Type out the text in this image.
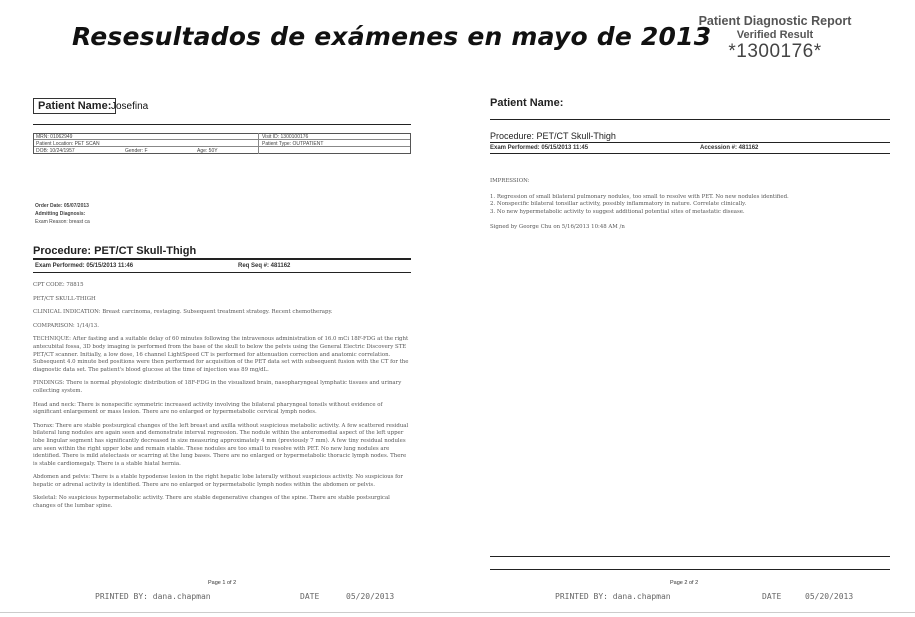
Resesultados de exámenes en mayo de 2013
Patient Diagnostic Report
Verified Result
*1300176*
Patient Name: Josefina
MRN: 01062949	Visit ID: 1300100176
Patient Location: PET SCAN	Patient Type: OUTPATIENT
DOB: 10/24/1957	Gender: F	Age: 50Y
Order Date: 05/07/2013
Admitting Diagnosis:
Exam Reason: breast ca
Procedure: PET/CT Skull-Thigh
Exam Performed: 05/15/2013 11:46	Req Seq #: 481162

CPT CODE: 78815

PET/CT SKULL-THIGH

CLINICAL INDICATION: Breast carcinoma, restaging. Subsequent treatment strategy. Recent chemotherapy.

COMPARISON: 1/14/13.

TECHNIQUE: After fasting and a suitable delay of 60 minutes following the intravenous administration of 16.0 mCi 18F-FDG at the right antecubital fossa, 3D body imaging is performed from the base of the skull to below the pelvis using the General Electric Discovery STE PET/CT scanner. Initially, a low dose, 16 channel LightSpeed CT is performed for attenuation correction and anatomic correlation. Subsequent 4.0 minute bed positions were then performed for acquisition of the PET data set with subsequent fusion with the CT for the diagnostic data set. The patient's blood glucose at the time of injection was 89 mg/dL.

FINDINGS: There is normal physiologic distribution of 18F-FDG in the visualized brain, nasopharyngeal lymphatic tissues and urinary collecting system.

Head and neck: There is nonspecific symmetric increased activity involving the bilateral pharyngeal tonsils without evidence of significant enlargement or mass lesion. There are no enlarged or hypermetabolic cervical lymph nodes.

Thorax: There are stable postsurgical changes of the left breast and axilla without suspicious metabolic activity. A few scattered residual bilateral lung nodules are again seen and demonstrate interval regression. The nodule within the anteromedial aspect of the left upper lobe lingular segment has significantly decreased in size measuring approximately 4 mm (previously 7 mm). A few tiny residual nodules are seen within the right upper lobe and remain stable. These nodules are too small to resolve with PET. No new lung nodules are identified. There is mild atelectasis or scarring at the lung bases. There are no enlarged or hypermetabolic thoracic lymph nodes. There is stable cardiomegaly. There is a stable hiatal hernia.

Abdomen and pelvis: There is a stable hypodense lesion in the right hepatic lobe laterally without suspicious activity. No suspicious for hepatic or adrenal activity is identified. There are no enlarged or hypermetabolic lymph nodes within the abdomen or pelvis.

Skeletal: No suspicious hypermetabolic activity. There are stable degenerative changes of the spine. There are stable postsurgical changes of the lumbar spine.

Page 1 of 2
PRINTED BY: dana.chapman	DATE	05/20/2013
Patient Name:
Procedure: PET/CT Skull-Thigh
Exam Performed: 05/15/2013 11:45	Accession #: 481162

IMPRESSION:

1. Regression of small bilateral pulmonary nodules, too small to resolve with PET. No new nodules identified.
2. Nonspecific bilateral tonsillar activity, possibly inflammatory in nature. Correlate clinically.
3. No new hypermetabolic activity to suggest additional potential sites of metastatic disease.

Signed by George Chu on 5/16/2013 10:48 AM /n

Page 2 of 2
PRINTED BY: dana.chapman	DATE	05/20/2013
